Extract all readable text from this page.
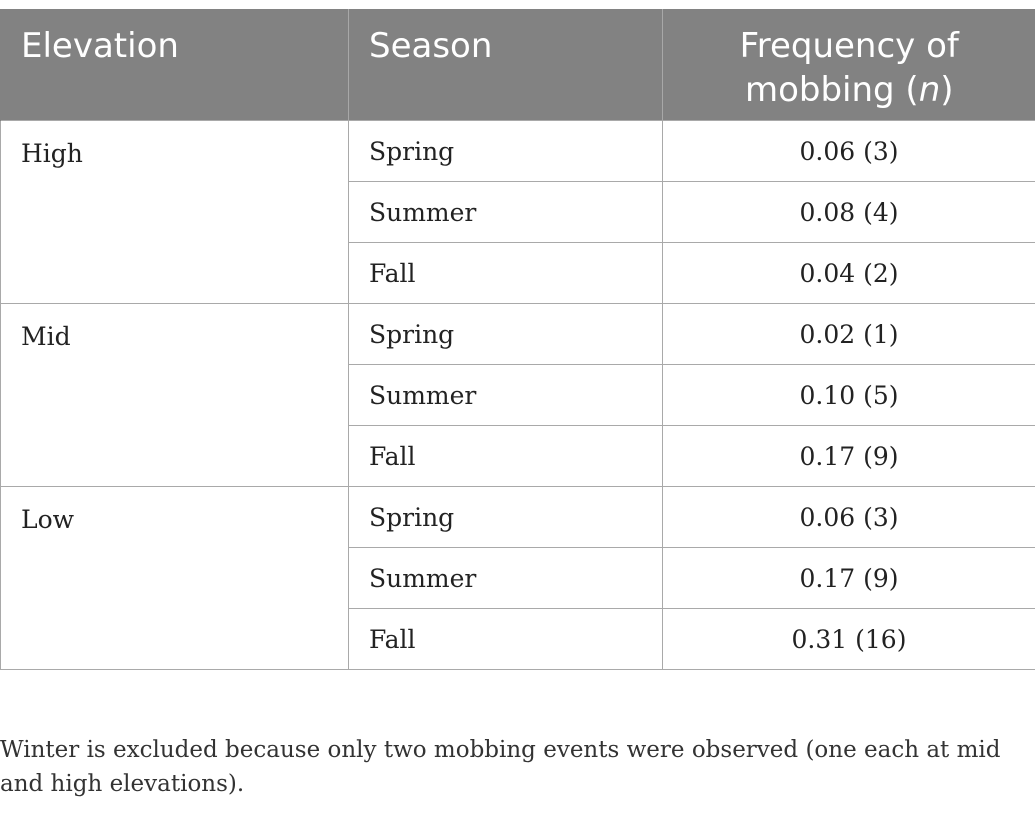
Elevation	Season	Frequency of mobbing (n)
High	Spring	0.06 (3)
	Summer	0.08 (4)
	Fall	0.04 (2)
Mid	Spring	0.02 (1)
	Summer	0.10 (5)
	Fall	0.17 (9)
Low	Spring	0.06 (3)
	Summer	0.17 (9)
	Fall	0.31 (16)
Winter is excluded because only two mobbing events were observed (one each at mid and high elevations).
